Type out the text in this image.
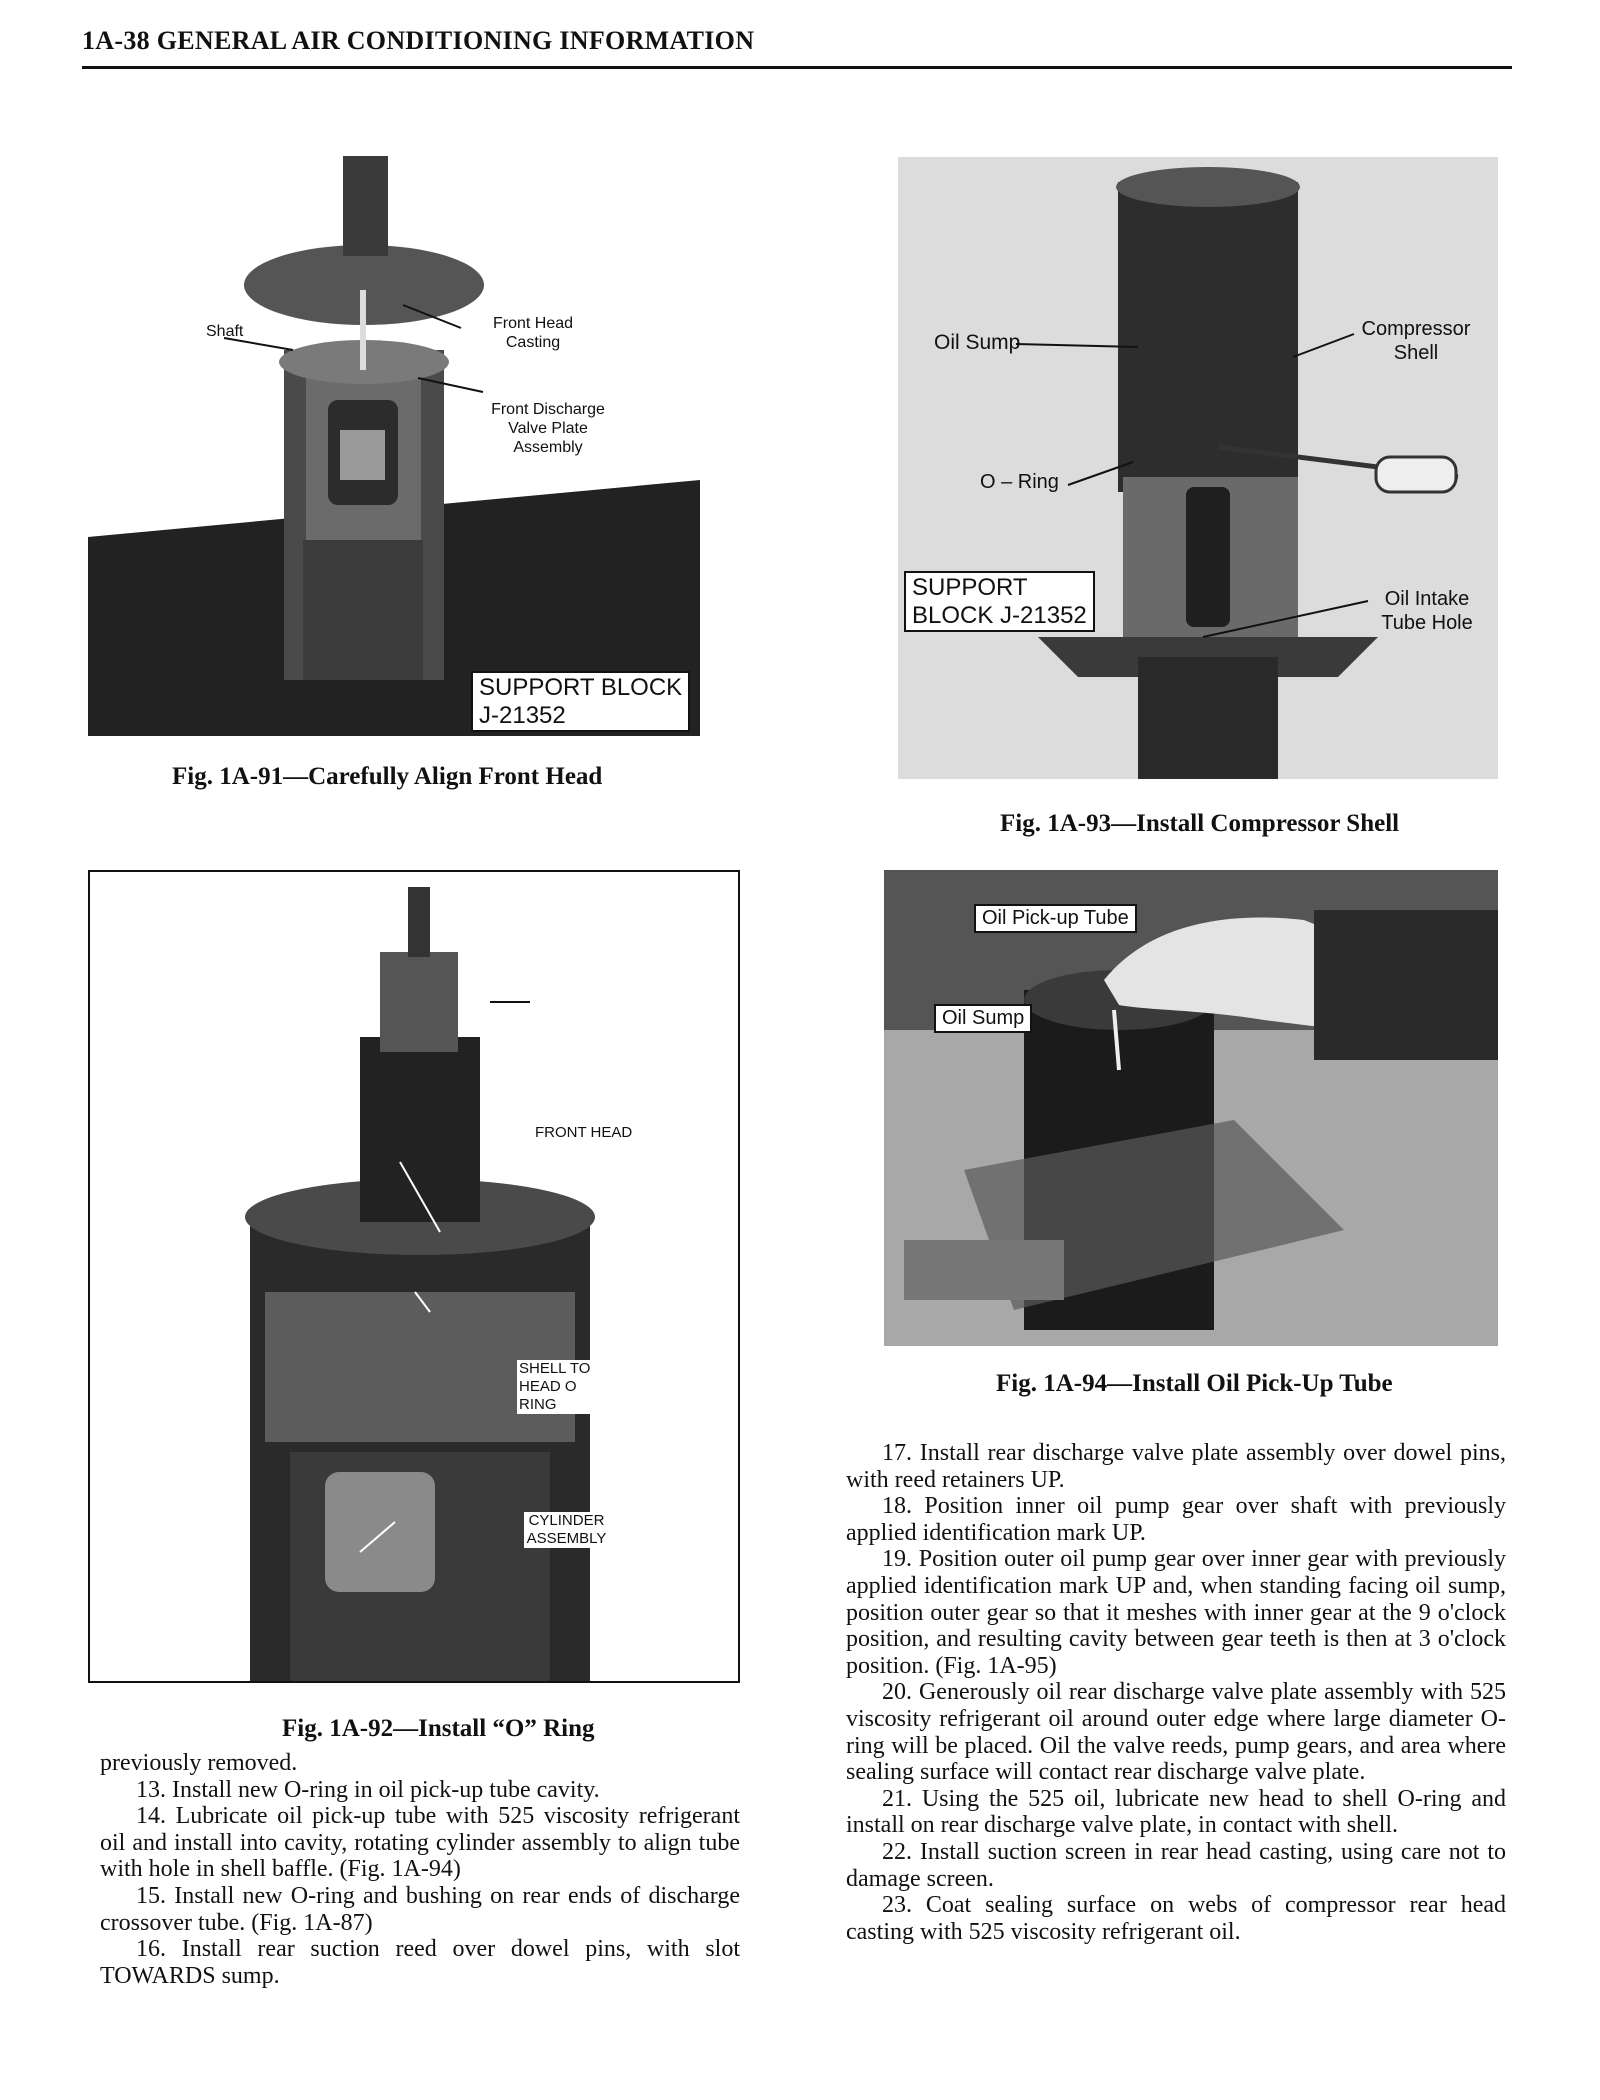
1A-38 GENERAL AIR CONDITIONING INFORMATION
Shaft	Front Head Casting
Front Discharge Valve Plate Assembly
SUPPORT BLOCK
J-21352
Fig. 1A-91—Carefully Align Front Head
Oil Sump
Compressor Shell
O – Ring
SUPPORT
BLOCK J-21352
Oil Intake Tube Hole
Fig. 1A-93—Install Compressor Shell
FRONT HEAD
SHELL TO HEAD O RING
CYLINDER ASSEMBLY
Fig. 1A-92—Install “O” Ring
Oil Pick-up Tube
Oil Sump
Fig. 1A-94—Install Oil Pick-Up Tube

previously removed.

13. Install new O-ring in oil pick-up tube cavity.

14. Lubricate oil pick-up tube with 525 viscosity refrigerant oil and install into cavity, rotating cylinder assembly to align tube with hole in shell baffle. (Fig. 1A-94)

15. Install new O-ring and bushing on rear ends of discharge crossover tube. (Fig. 1A-87)

16. Install rear suction reed over dowel pins, with slot TOWARDS sump.

17. Install rear discharge valve plate assembly over dowel pins, with reed retainers UP.

18. Position inner oil pump gear over shaft with previously applied identification mark UP.

19. Position outer oil pump gear over inner gear with previously applied identification mark UP and, when standing facing oil sump, position outer gear so that it meshes with inner gear at the 9 o'clock position, and resulting cavity between gear teeth is then at 3 o'clock position. (Fig. 1A-95)

20. Generously oil rear discharge valve plate assembly with 525 viscosity refrigerant oil around outer edge where large diameter O-ring will be placed. Oil the valve reeds, pump gears, and area where sealing surface will contact rear discharge valve plate.

21. Using the 525 oil, lubricate new head to shell O-ring and install on rear discharge valve plate, in contact with shell.

22. Install suction screen in rear head casting, using care not to damage screen.

23. Coat sealing surface on webs of compressor rear head casting with 525 viscosity refrigerant oil.
